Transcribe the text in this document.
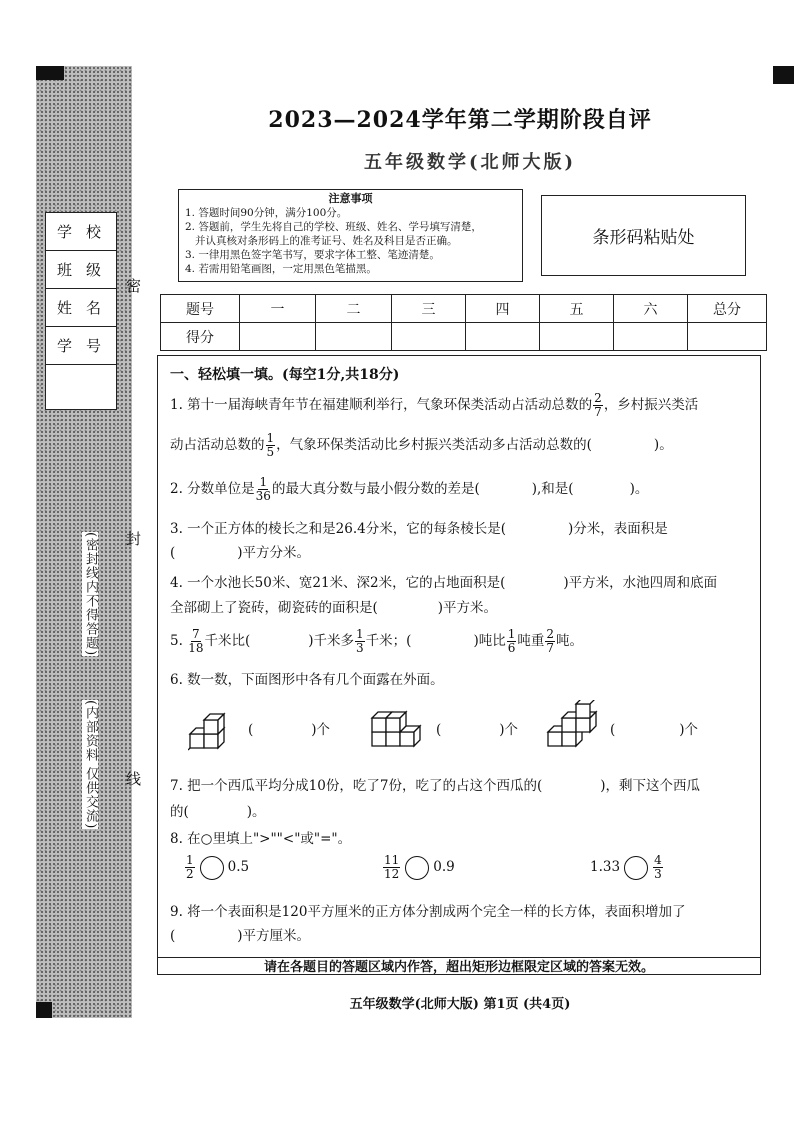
学校
班级
姓名
学号
密
封
线
(密封线内不得答题)
(内部资料 仅供交流)
2023—2024学年第二学期阶段自评
五年级数学(北师大版)
注意事项
1. 答题时间90分钟，满分100分。
2. 答题前，学生先将自己的学校、班级、姓名、学号填写清楚，
并认真核对条形码上的准考证号、姓名及科目是否正确。
3. 一律用黑色签字笔书写，要求字体工整、笔迹清楚。
4. 若需用铅笔画图，一定用黑色笔描黑。
条形码粘贴处
题号	一	二	三	四	五	六	总分
得分							
一、轻松填一填。(每空1分,共18分)
1. 第十一届海峡青年节在福建顺利举行，气象环保类活动占活动总数的 $\frac{2}{7}$ ，乡村振兴类活
动占活动总数的 $\frac{1}{5}$ ，气象环保类活动比乡村振兴类活动多占活动总数的(	)。
2. 分数单位是 $\frac{1}{36}$ 的最大真分数与最小假分数的差是(	),和是(	)。
3. 一个正方体的棱长之和是26.4分米，它的每条棱长是(	)分米，表面积是
(	)平方分米。
4. 一个水池长50米、宽21米、深2米，它的占地面积是(	)平方米，水池四周和底面
全部砌上了瓷砖，砌瓷砖的面积是(	)平方米。
5. $\frac{7}{18}$ 千米比(	)千米多 $\frac{1}{3}$ 千米；(	)吨比 $\frac{1}{6}$ 吨重 $\frac{2}{7}$ 吨。
6. 数一数，下面图形中各有几个面露在外面。
(	)个	(	)个	(	)个
7. 把一个西瓜平均分成10份，吃了7份，吃了的占这个西瓜的(	)，剩下这个西瓜
的(	)。
8. 在○里填上">""<"或"="。
$\frac{1}{2} 0.5$	$\frac{11}{12} 0.9$	1.33	$\frac{4}{3}$
9. 将一个表面积是120平方厘米的正方体分割成两个完全一样的长方体，表面积增加了
(	)平方厘米。
请在各题目的答题区域内作答，超出矩形边框限定区域的答案无效。
五年级数学(北师大版) 第1页 (共4页)
